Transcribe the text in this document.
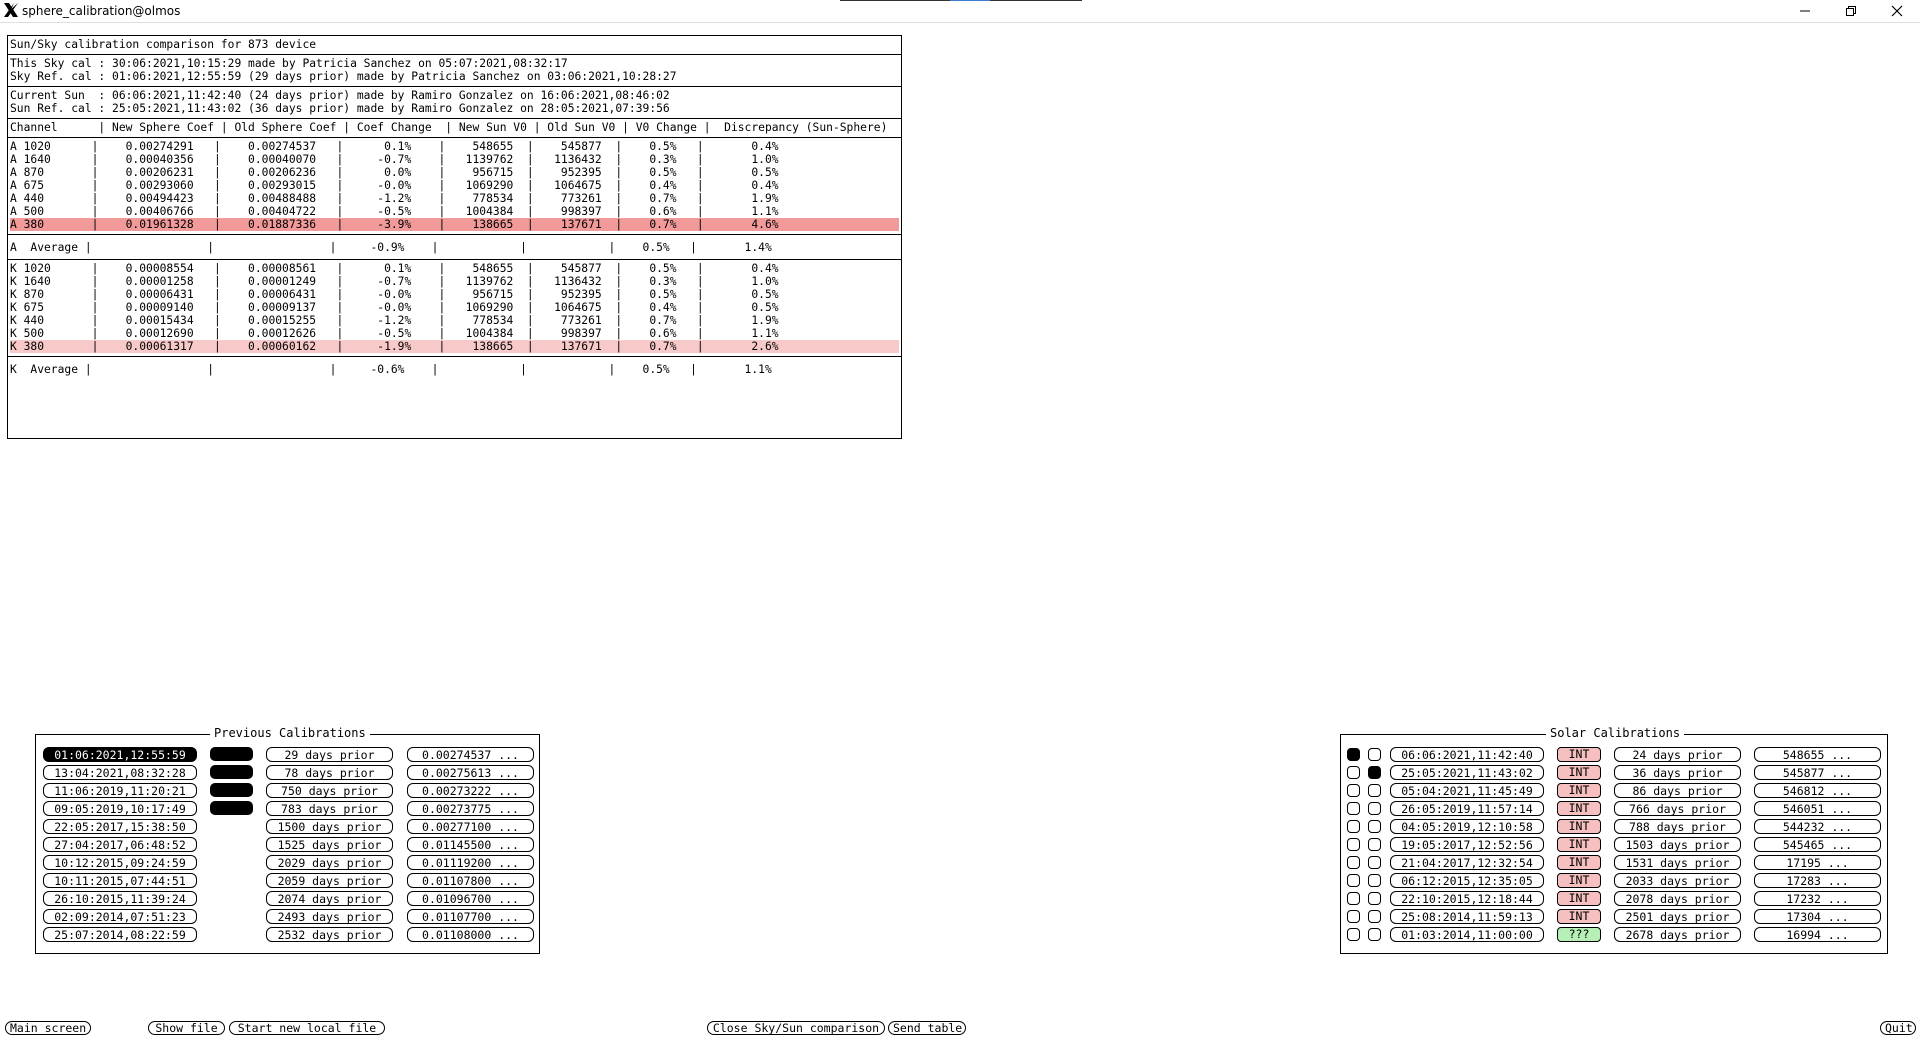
sphere_calibration@olmos
Sun/Sky calibration comparison for 873 device
This Sky cal : 30:06:2021,10:15:29 made by Patricia Sanchez on 05:07:2021,08:32:17
Sky Ref. cal : 01:06:2021,12:55:59 (29 days prior) made by Patricia Sanchez on 03:06:2021,10:28:27
Current Sun  : 06:06:2021,11:42:40 (24 days prior) made by Ramiro Gonzalez on 16:06:2021,08:46:02
Sun Ref. cal : 25:05:2021,11:43:02 (36 days prior) made by Ramiro Gonzalez on 28:05:2021,07:39:56
Channel      | New Sphere Coef | Old Sphere Coef | Coef Change  | New Sun V0 | Old Sun V0 | V0 Change |  Discrepancy (Sun-Sphere)
A 1020      |    0.00274291   |    0.00274537   |      0.1%    |    548655  |    545877  |    0.5%   |       0.4%
A 1640      |    0.00040356   |    0.00040070   |     -0.7%    |   1139762  |   1136432  |    0.3%   |       1.0%
A 870       |    0.00206231   |    0.00206236   |      0.0%    |    956715  |    952395  |    0.5%   |       0.5%
A 675       |    0.00293060   |    0.00293015   |     -0.0%    |   1069290  |   1064675  |    0.4%   |       0.4%
A 440       |    0.00494423   |    0.00488488   |     -1.2%    |    778534  |    773261  |    0.7%   |       1.9%
A 500       |    0.00406766   |    0.00404722   |     -0.5%    |   1004384  |    998397  |    0.6%   |       1.1%
A 380       |    0.01961328   |    0.01887336   |     -3.9%    |    138665  |    137671  |    0.7%   |       4.6%
A  Average |                 |                 |     -0.9%    |            |            |    0.5%   |       1.4%
K 1020      |    0.00008554   |    0.00008561   |      0.1%    |    548655  |    545877  |    0.5%   |       0.4%
K 1640      |    0.00001258   |    0.00001249   |     -0.7%    |   1139762  |   1136432  |    0.3%   |       1.0%
K 870       |    0.00006431   |    0.00006431   |     -0.0%    |    956715  |    952395  |    0.5%   |       0.5%
K 675       |    0.00009140   |    0.00009137   |     -0.0%    |   1069290  |   1064675  |    0.4%   |       0.5%
K 440       |    0.00015434   |    0.00015255   |     -1.2%    |    778534  |    773261  |    0.7%   |       1.9%
K 500       |    0.00012690   |    0.00012626   |     -0.5%    |   1004384  |    998397  |    0.6%   |       1.1%
K 380       |    0.00061317   |    0.00060162   |     -1.9%    |    138665  |    137671  |    0.7%   |       2.6%
K  Average |                 |                 |     -0.6%    |            |            |    0.5%   |       1.1%
Previous Calibrations
01:06:2021,12:55:59	29 days prior	0.00274537 ...
13:04:2021,08:32:28	78 days prior	0.00275613 ...
11:06:2019,11:20:21	750 days prior	0.00273222 ...
09:05:2019,10:17:49	783 days prior	0.00273775 ...
22:05:2017,15:38:50	1500 days prior	0.00277100 ...
27:04:2017,06:48:52	1525 days prior	0.01145500 ...
10:12:2015,09:24:59	2029 days prior	0.01119200 ...
10:11:2015,07:44:51	2059 days prior	0.01107800 ...
26:10:2015,11:39:24	2074 days prior	0.01096700 ...
02:09:2014,07:51:23	2493 days prior	0.01107700 ...
25:07:2014,08:22:59	2532 days prior	0.01108000 ...
Solar Calibrations
06:06:2021,11:42:40	INT	24 days prior	548655 ...
25:05:2021,11:43:02	INT	36 days prior	545877 ...
05:04:2021,11:45:49	INT	86 days prior	546812 ...
26:05:2019,11:57:14	INT	766 days prior	546051 ...
04:05:2019,12:10:58	INT	788 days prior	544232 ...
19:05:2017,12:52:56	INT	1503 days prior	545465 ...
21:04:2017,12:32:54	INT	1531 days prior	17195 ...
06:12:2015,12:35:05	INT	2033 days prior	17283 ...
22:10:2015,12:18:44	INT	2078 days prior	17232 ...
25:08:2014,11:59:13	INT	2501 days prior	17304 ...
01:03:2014,11:00:00	???	2678 days prior	16994 ...
Main screen	Show file	Start new local file	Close Sky/Sun comparison	Send table	Quit
